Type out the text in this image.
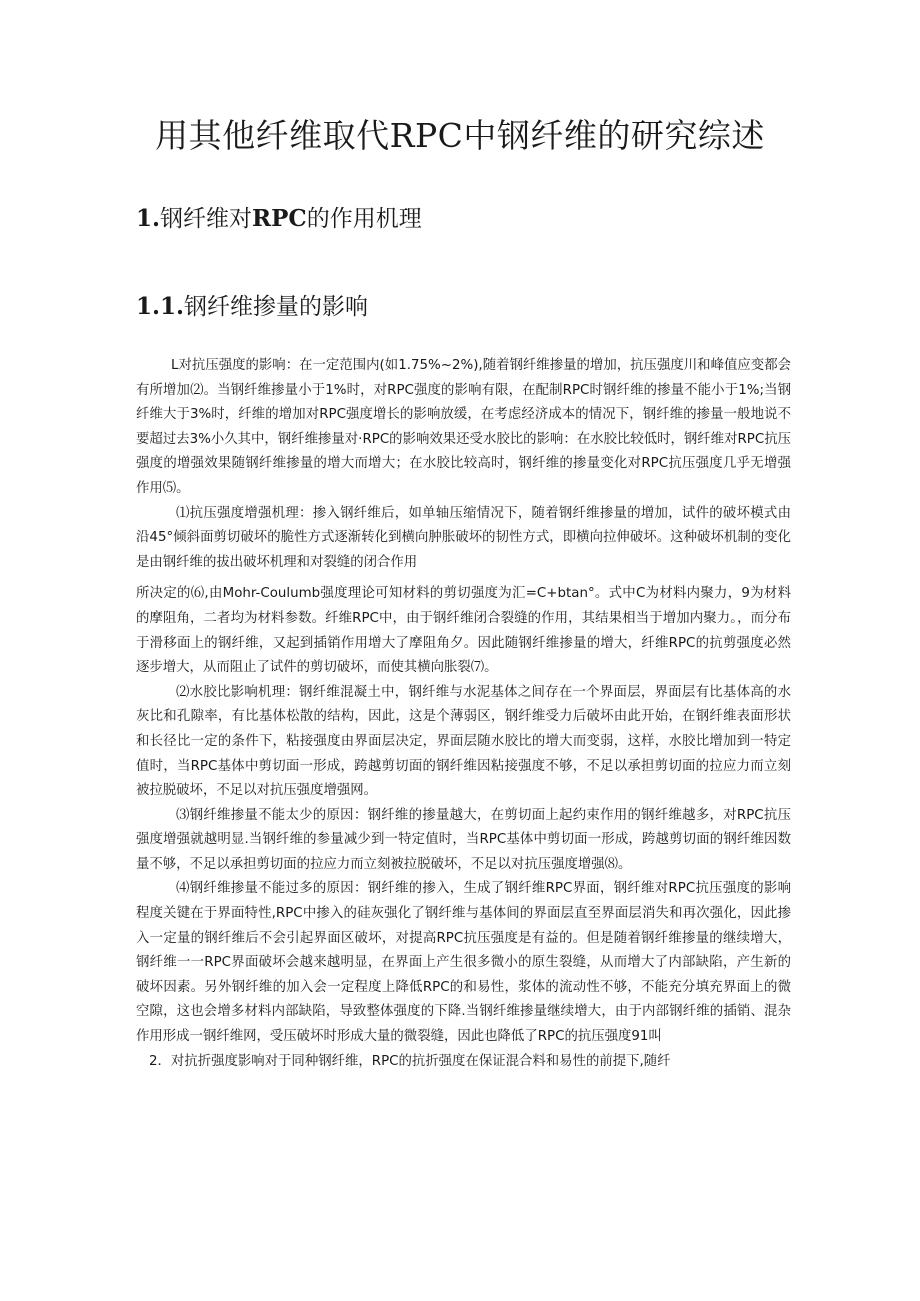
用其他纤维取代RPC中钢纤维的研究综述
1.钢纤维对RPC的作用机理
1.1.钢纤维掺量的影响

L对抗压强度的影响：在一定范围内(如1.75%~2%),随着钢纤维掺量的增加，抗压强度川和峰值应变都会有所增加⑵。当钢纤维掺量小于1%时，对RPC强度的影响有限，在配制RPC时钢纤维的掺量不能小于1%;当钢纤维大于3%时，纤维的增加对RPC强度增长的影响放缓，在考虑经济成本的情况下，钢纤维的掺量一般地说不要超过去3%小久其中，钢纤维掺量对·RPC的影响效果还受水胶比的影响：在水胶比较低时，钢纤维对RPC抗压强度的增强效果随钢纤维掺量的增大而增大；在水胶比较高时，钢纤维的掺量变化对RPC抗压强度几乎无增强作用⑸。

⑴抗压强度增强机理：掺入钢纤维后，如单轴压缩情况下，随着钢纤维掺量的增加，试件的破坏模式由沿45°倾斜面剪切破坏的脆性方式逐渐转化到横向肿胀破坏的韧性方式，即横向拉伸破坏。这种破坏机制的变化是由钢纤维的拔出破坏机理和对裂缝的闭合作用

所决定的⑹,由Mohr-Coulumb强度理论可知材料的剪切强度为汇=C+btan°。式中C为材料内聚力，9为材料的摩阻角，二者均为材料参数。纤维RPC中，由于钢纤维闭合裂缝的作用，其结果相当于增加内聚力。，而分布于滑移面上的钢纤维，又起到插销作用增大了摩阻角夕。因此随钢纤维掺量的增大，纤维RPC的抗剪强度必然逐步增大，从而阻止了试件的剪切破坏，而使其横向胀裂⑺。

⑵水胶比影响机理：钢纤维混凝土中，钢纤维与水泥基体之间存在一个界面层，界面层有比基体高的水灰比和孔隙率，有比基体松散的结构，因此，这是个薄弱区，钢纤维受力后破坏由此开始，在钢纤维表面形状和长径比一定的条件下，粘接强度由界面层决定，界面层随水胶比的增大而变弱，这样，水胶比增加到一特定值时，当RPC基体中剪切面一形成，跨越剪切面的钢纤维因粘接强度不够，不足以承担剪切面的拉应力而立刻被拉脱破坏，不足以对抗压强度增强网。

⑶钢纤维掺量不能太少的原因：钢纤维的掺量越大，在剪切面上起约束作用的钢纤维越多，对RPC抗压强度增强就越明显.当钢纤维的参量减少到一特定值时，当RPC基体中剪切面一形成，跨越剪切面的钢纤维因数量不够，不足以承担剪切面的拉应力而立刻被拉脱破坏，不足以对抗压强度增强⑻。

⑷钢纤维掺量不能过多的原因：钢纤维的掺入，生成了钢纤维RPC界面，钢纤维对RPC抗压强度的影响程度关键在于界面特性,RPC中掺入的硅灰强化了钢纤维与基体间的界面层直至界面层消失和再次强化，因此掺入一定量的钢纤维后不会引起界面区破坏，对提高RPC抗压强度是有益的。但是随着钢纤维掺量的继续增大，钢纤维一一RPC界面破坏会越来越明显，在界面上产生很多微小的原生裂缝，从而增大了内部缺陷，产生新的破坏因素。另外钢纤维的加入会一定程度上降低RPC的和易性，浆体的流动性不够，不能充分填充界面上的微空隙，这也会增多材料内部缺陷，导致整体强度的下降.当钢纤维掺量继续增大，由于内部钢纤维的插销、混杂作用形成一钢纤维网，受压破坏时形成大量的微裂缝，因此也降低了RPC的抗压强度91叫

2．对抗折强度影响对于同种钢纤维，RPC的抗折强度在保证混合料和易性的前提下,随纤
